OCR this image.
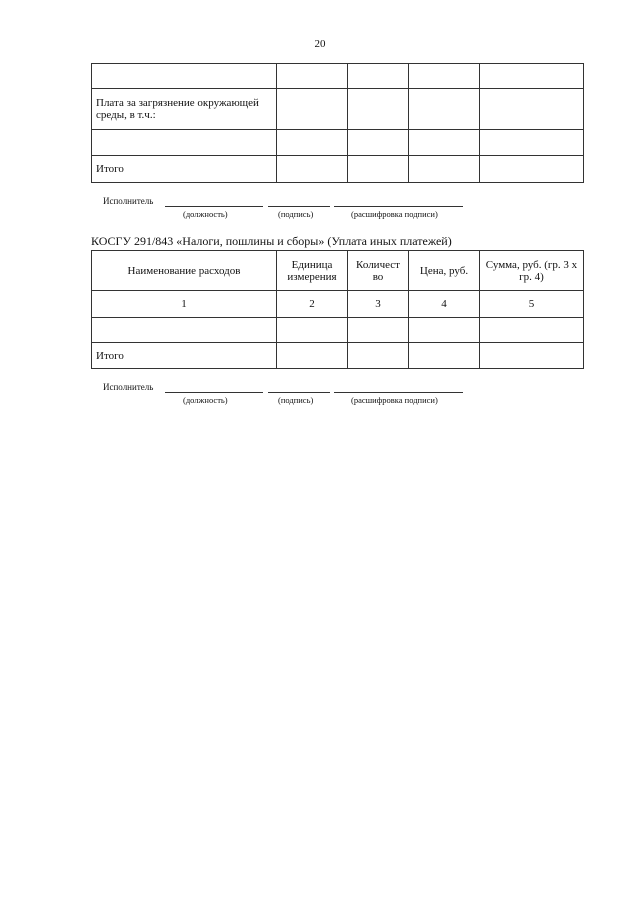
20

Плата за загрязнение окружающей среды, в т.ч.:				

Итого				
Исполнитель
(должность)	(подпись)	(расшифровка подписи)
КОСГУ 291/843 «Налоги, пошлины и сборы» (Уплата иных платежей)
Наименование расходов	Единица измерения	Количест во	Цена, руб.	Сумма, руб. (гр. 3 х гр. 4)
1	2	3	4	5

Итого				
Исполнитель
(должность)	(подпись)	(расшифровка подписи)
